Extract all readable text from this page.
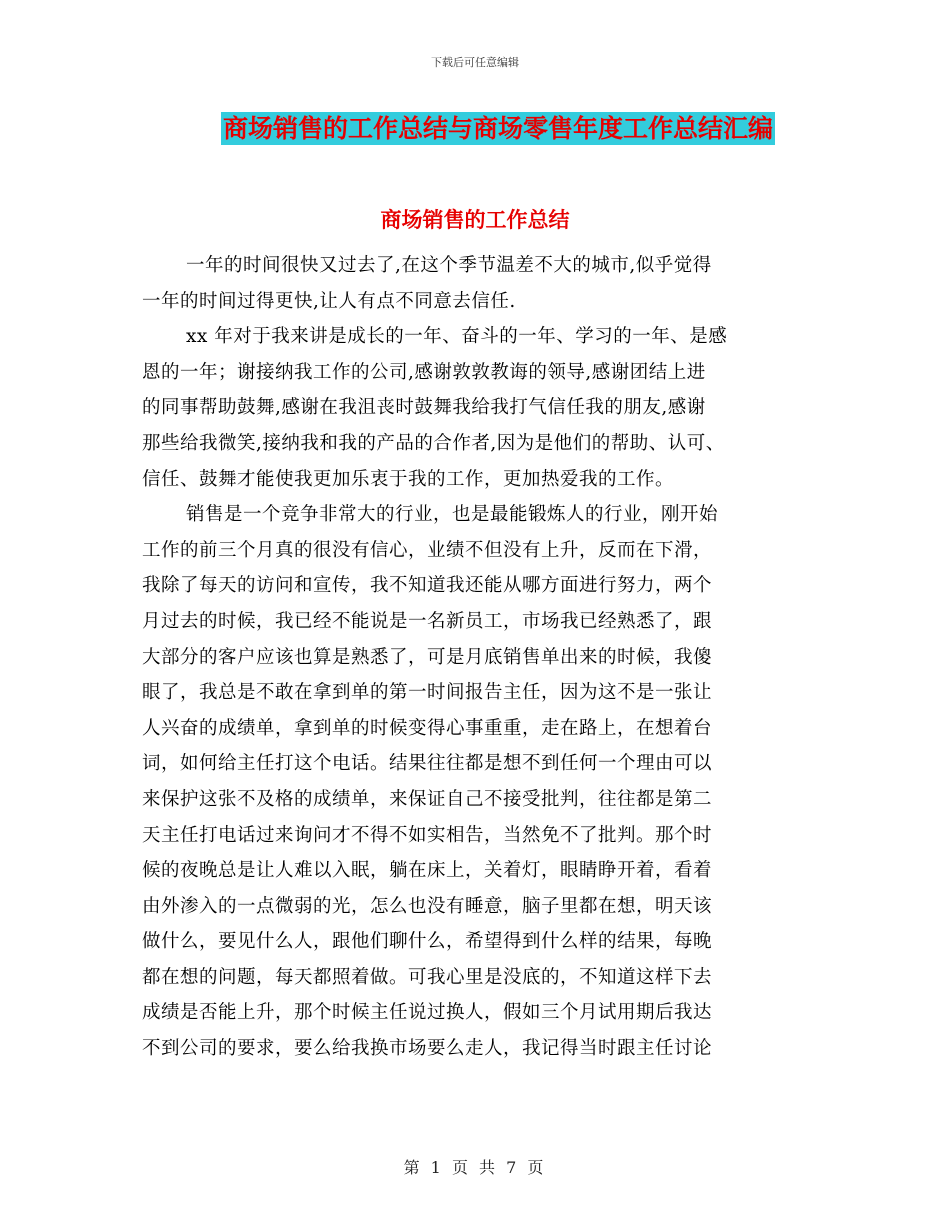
下载后可任意编辑
商场销售的工作总结与商场零售年度工作总结汇编
商场销售的工作总结
一年的时间很快又过去了,在这个季节温差不大的城市,似乎觉得
一年的时间过得更快,让人有点不同意去信任.
xx 年对于我来讲是成长的一年、奋斗的一年、学习的一年、是感
恩的一年；谢接纳我工作的公司,感谢敦敦教诲的领导,感谢团结上进
的同事帮助鼓舞,感谢在我沮丧时鼓舞我给我打气信任我的朋友,感谢
那些给我微笑,接纳我和我的产品的合作者,因为是他们的帮助、认可、
信任、鼓舞才能使我更加乐衷于我的工作，更加热爱我的工作。
销售是一个竞争非常大的行业，也是最能锻炼人的行业，刚开始
工作的前三个月真的很没有信心，业绩不但没有上升，反而在下滑，
我除了每天的访问和宣传，我不知道我还能从哪方面进行努力，两个
月过去的时候，我已经不能说是一名新员工，市场我已经熟悉了，跟
大部分的客户应该也算是熟悉了，可是月底销售单出来的时候，我傻
眼了，我总是不敢在拿到单的第一时间报告主任，因为这不是一张让
人兴奋的成绩单，拿到单的时候变得心事重重，走在路上，在想着台
词，如何给主任打这个电话。结果往往都是想不到任何一个理由可以
来保护这张不及格的成绩单，来保证自己不接受批判，往往都是第二
天主任打电话过来询问才不得不如实相告，当然免不了批判。那个时
候的夜晚总是让人难以入眠，躺在床上，关着灯，眼睛睁开着，看着
由外渗入的一点微弱的光，怎么也没有睡意，脑子里都在想，明天该
做什么，要见什么人，跟他们聊什么，希望得到什么样的结果，每晚
都在想的问题，每天都照着做。可我心里是没底的，不知道这样下去
成绩是否能上升，那个时候主任说过换人，假如三个月试用期后我达
不到公司的要求，要么给我换市场要么走人，我记得当时跟主任讨论
第 1 页 共 7 页
